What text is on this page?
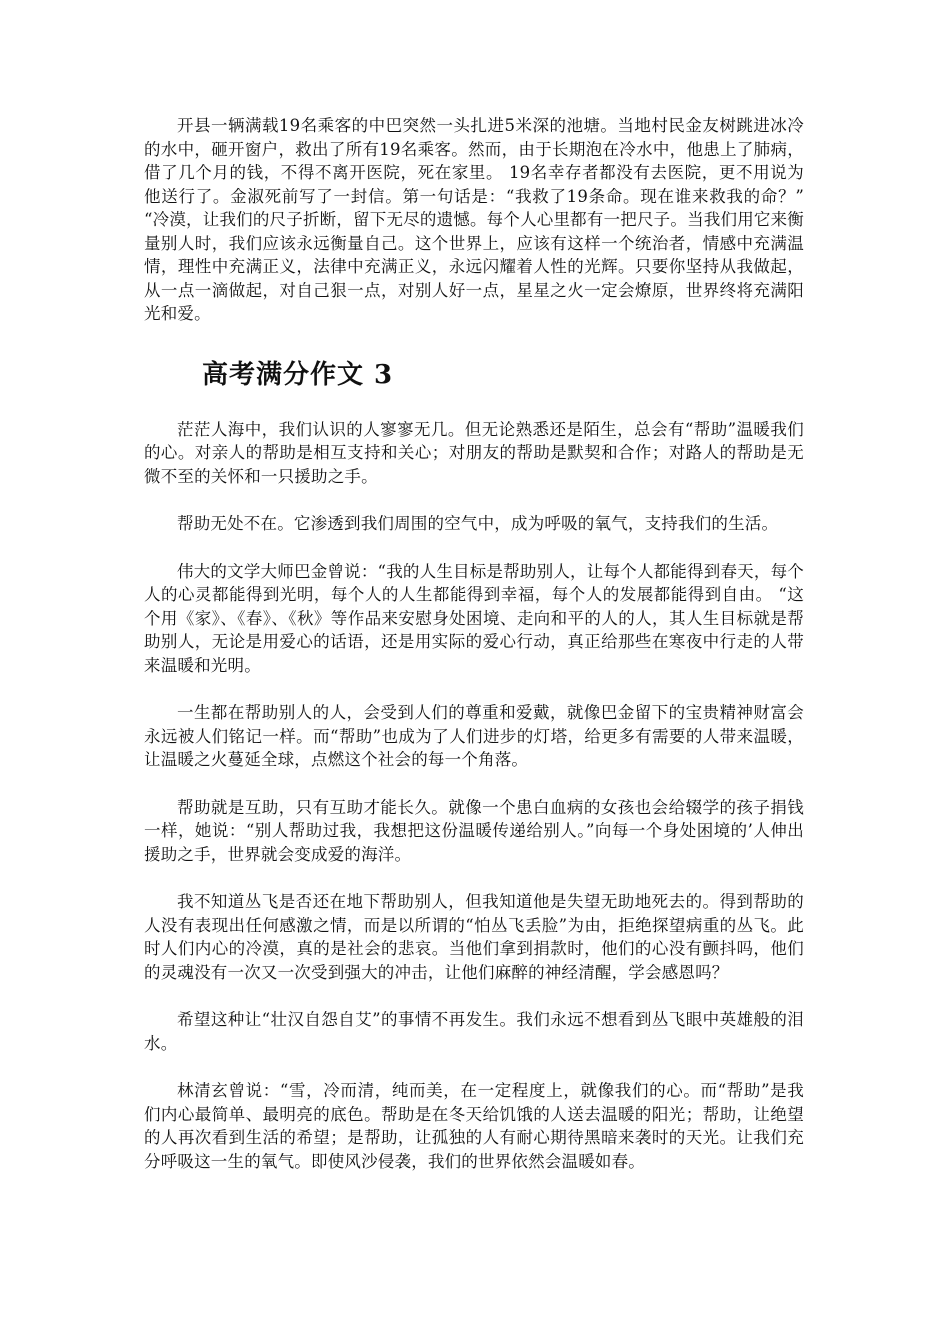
开县一辆满载19名乘客的中巴突然一头扎进5米深的池塘。当地村民金友树跳进冰冷的水中，砸开窗户，救出了所有19名乘客。然而，由于长期泡在冷水中，他患上了肺病，借了几个月的钱，不得不离开医院，死在家里。 19名幸存者都没有去医院，更不用说为他送行了。金淑死前写了一封信。第一句话是：“我救了19条命。现在谁来救我的命？” “冷漠，让我们的尺子折断，留下无尽的遗憾。每个人心里都有一把尺子。当我们用它来衡量别人时，我们应该永远衡量自己。这个世界上，应该有这样一个统治者，情感中充满温情，理性中充满正义，法律中充满正义，永远闪耀着人性的光辉。只要你坚持从我做起，从一点一滴做起，对自己狠一点，对别人好一点，星星之火一定会燎原，世界终将充满阳光和爱。

高考满分作文 3

茫茫人海中，我们认识的人寥寥无几。但无论熟悉还是陌生，总会有“帮助”温暖我们的心。对亲人的帮助是相互支持和关心；对朋友的帮助是默契和合作；对路人的帮助是无微不至的关怀和一只援助之手。

帮助无处不在。它渗透到我们周围的空气中，成为呼吸的氧气，支持我们的生活。

伟大的文学大师巴金曾说：“我的人生目标是帮助别人，让每个人都能得到春天，每个人的心灵都能得到光明，每个人的人生都能得到幸福，每个人的发展都能得到自由。 “这个用《家》、《春》、《秋》等作品来安慰身处困境、走向和平的人的人，其人生目标就是帮助别人，无论是用爱心的话语，还是用实际的爱心行动，真正给那些在寒夜中行走的人带来温暖和光明。

一生都在帮助别人的人，会受到人们的尊重和爱戴，就像巴金留下的宝贵精神财富会永远被人们铭记一样。而“帮助”也成为了人们进步的灯塔，给更多有需要的人带来温暖，让温暖之火蔓延全球，点燃这个社会的每一个角落。

帮助就是互助，只有互助才能长久。就像一个患白血病的女孩也会给辍学的孩子捐钱一样，她说：“别人帮助过我，我想把这份温暖传递给别人。”向每一个身处困境的’人伸出援助之手，世界就会变成爱的海洋。

我不知道丛飞是否还在地下帮助别人，但我知道他是失望无助地死去的。得到帮助的人没有表现出任何感激之情，而是以所谓的“怕丛飞丢脸”为由，拒绝探望病重的丛飞。此时人们内心的冷漠，真的是社会的悲哀。当他们拿到捐款时，他们的心没有颤抖吗，他们的灵魂没有一次又一次受到强大的冲击，让他们麻醉的神经清醒，学会感恩吗？

希望这种让“壮汉自怨自艾”的事情不再发生。我们永远不想看到丛飞眼中英雄般的泪水。

林清玄曾说：“雪，冷而清，纯而美，在一定程度上，就像我们的心。而“帮助”是我们内心最简单、最明亮的底色。帮助是在冬天给饥饿的人送去温暖的阳光；帮助，让绝望的人再次看到生活的希望；是帮助，让孤独的人有耐心期待黑暗来袭时的天光。让我们充分呼吸这一生的氧气。即使风沙侵袭，我们的世界依然会温暖如春。
